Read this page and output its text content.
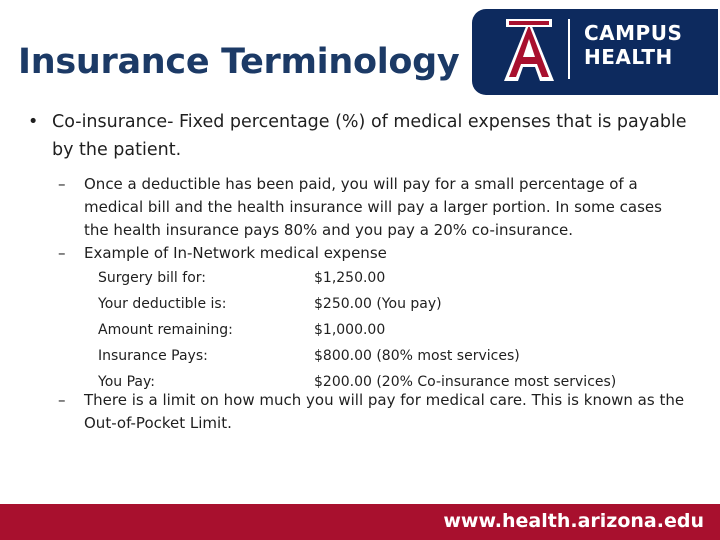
Insurance Terminology
CAMPUS
HEALTH
• Co-insurance- Fixed percentage (%) of medical expenses that is payable by the patient.
– Once a deductible has been paid, you will pay for a small percentage of a medical bill and the health insurance will pay a larger portion. In some cases the health insurance pays 80% and you pay a 20% co-insurance.
– Example of In-Network medical expense
Surgery bill for:	$1,250.00
Your deductible is:	$250.00 (You pay)
Amount remaining:	$1,000.00
Insurance Pays:	$800.00 (80% most services)
You Pay:	$200.00 (20% Co-insurance most services)
– There is a limit on how much you will pay for medical care. This is known as the Out-of-Pocket Limit.
www.health.arizona.edu
